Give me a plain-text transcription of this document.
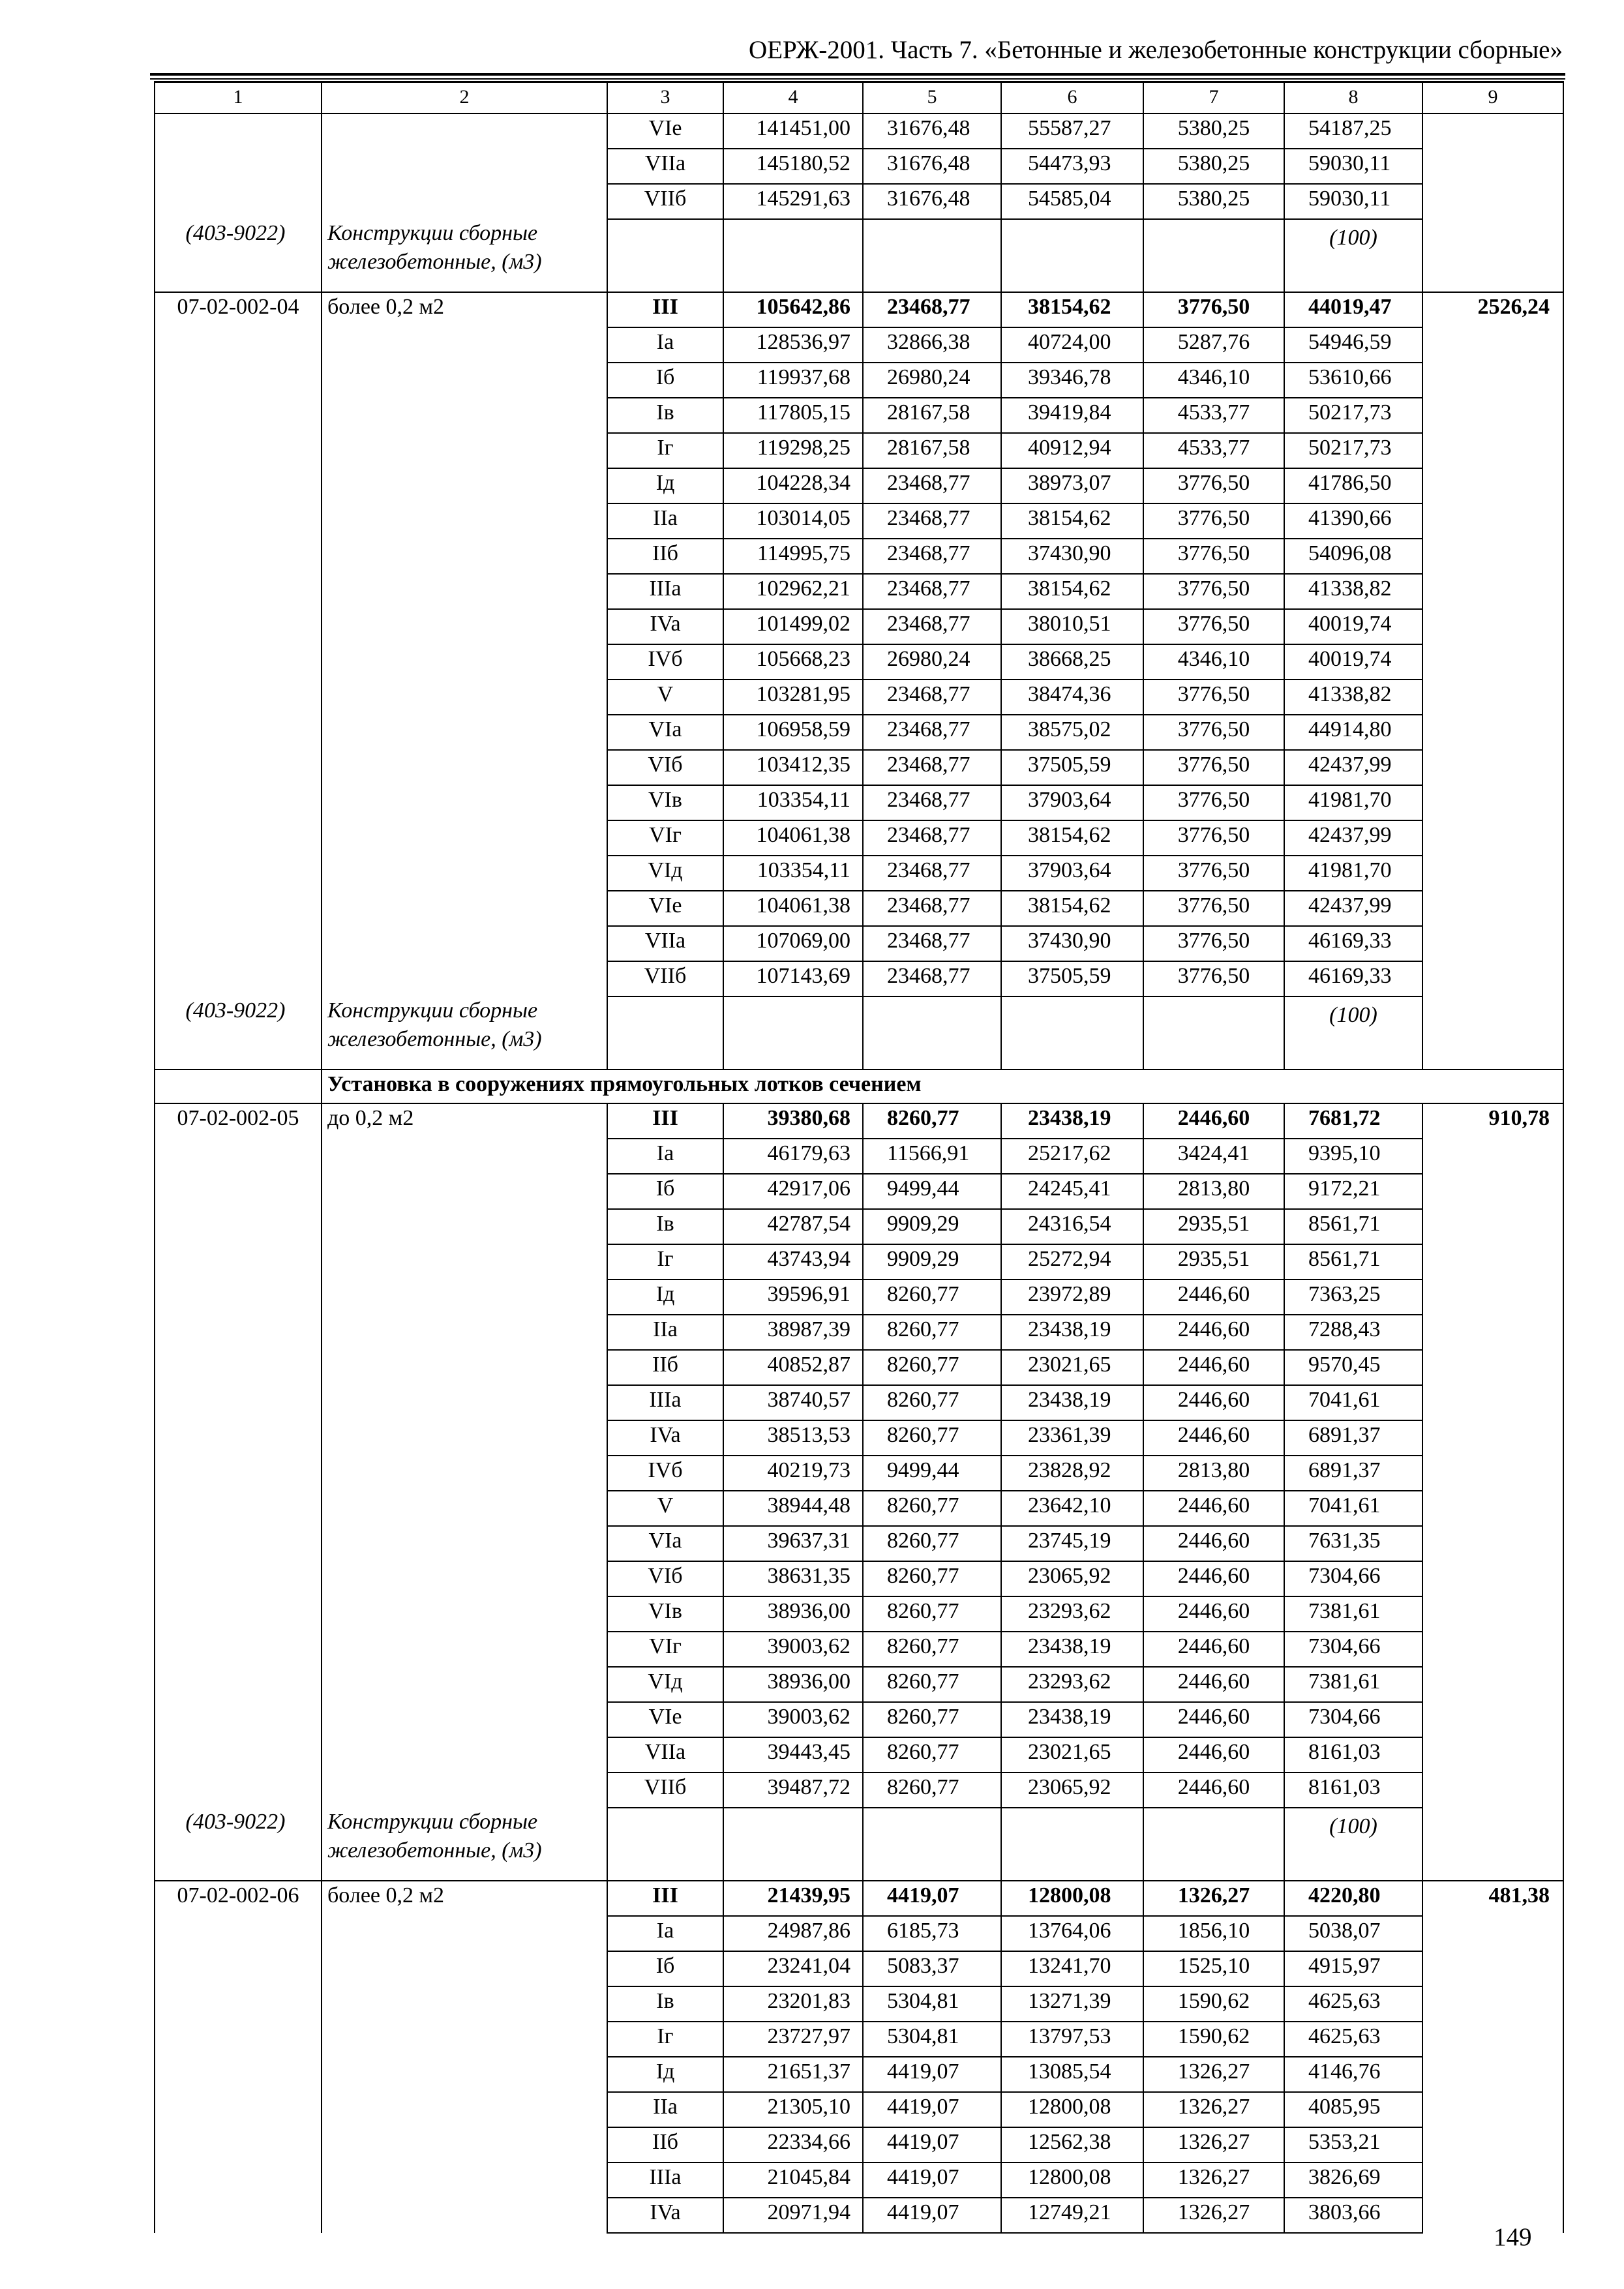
ОЕРЖ-2001. Часть 7. «Бетонные и железобетонные конструкции сборные»
1	2	3	4	5	6	7	8	9
		VIe	141451,00	31676,48	55587,27	5380,25	54187,25	
		VIIa	145180,52	31676,48	54473,93	5380,25	59030,11	
		VIIб	145291,63	31676,48	54585,04	5380,25	59030,11	
(403-9022)	Конструкции сборные железобетонные, (м3)						(100)	

07-02-002-04	более 0,2 м2	III	105642,86	23468,77	38154,62	3776,50	44019,47	2526,24
		Ia	128536,97	32866,38	40724,00	5287,76	54946,59	
		Iб	119937,68	26980,24	39346,78	4346,10	53610,66	
		Iв	117805,15	28167,58	39419,84	4533,77	50217,73	
		Iг	119298,25	28167,58	40912,94	4533,77	50217,73	
		Iд	104228,34	23468,77	38973,07	3776,50	41786,50	
		IIa	103014,05	23468,77	38154,62	3776,50	41390,66	
		IIб	114995,75	23468,77	37430,90	3776,50	54096,08	
		IIIa	102962,21	23468,77	38154,62	3776,50	41338,82	
		IVa	101499,02	23468,77	38010,51	3776,50	40019,74	
		IVб	105668,23	26980,24	38668,25	4346,10	40019,74	
		V	103281,95	23468,77	38474,36	3776,50	41338,82	
		VIa	106958,59	23468,77	38575,02	3776,50	44914,80	
		VIб	103412,35	23468,77	37505,59	3776,50	42437,99	
		VIв	103354,11	23468,77	37903,64	3776,50	41981,70	
		VIг	104061,38	23468,77	38154,62	3776,50	42437,99	
		VIд	103354,11	23468,77	37903,64	3776,50	41981,70	
		VIe	104061,38	23468,77	38154,62	3776,50	42437,99	
		VIIa	107069,00	23468,77	37430,90	3776,50	46169,33	
		VIIб	107143,69	23468,77	37505,59	3776,50	46169,33	
(403-9022)	Конструкции сборные железобетонные, (м3)						(100)	

	Установка в сооружениях прямоугольных лотков сечением							
07-02-002-05	до 0,2 м2	III	39380,68	8260,77	23438,19	2446,60	7681,72	910,78
		Ia	46179,63	11566,91	25217,62	3424,41	9395,10	
		Iб	42917,06	9499,44	24245,41	2813,80	9172,21	
		Iв	42787,54	9909,29	24316,54	2935,51	8561,71	
		Iг	43743,94	9909,29	25272,94	2935,51	8561,71	
		Iд	39596,91	8260,77	23972,89	2446,60	7363,25	
		IIa	38987,39	8260,77	23438,19	2446,60	7288,43	
		IIб	40852,87	8260,77	23021,65	2446,60	9570,45	
		IIIa	38740,57	8260,77	23438,19	2446,60	7041,61	
		IVa	38513,53	8260,77	23361,39	2446,60	6891,37	
		IVб	40219,73	9499,44	23828,92	2813,80	6891,37	
		V	38944,48	8260,77	23642,10	2446,60	7041,61	
		VIa	39637,31	8260,77	23745,19	2446,60	7631,35	
		VIб	38631,35	8260,77	23065,92	2446,60	7304,66	
		VIв	38936,00	8260,77	23293,62	2446,60	7381,61	
		VIг	39003,62	8260,77	23438,19	2446,60	7304,66	
		VIд	38936,00	8260,77	23293,62	2446,60	7381,61	
		VIe	39003,62	8260,77	23438,19	2446,60	7304,66	
		VIIa	39443,45	8260,77	23021,65	2446,60	8161,03	
		VIIб	39487,72	8260,77	23065,92	2446,60	8161,03	
(403-9022)	Конструкции сборные железобетонные, (м3)						(100)	

07-02-002-06	более 0,2 м2	III	21439,95	4419,07	12800,08	1326,27	4220,80	481,38
		Ia	24987,86	6185,73	13764,06	1856,10	5038,07	
		Iб	23241,04	5083,37	13241,70	1525,10	4915,97	
		Iв	23201,83	5304,81	13271,39	1590,62	4625,63	
		Iг	23727,97	5304,81	13797,53	1590,62	4625,63	
		Iд	21651,37	4419,07	13085,54	1326,27	4146,76	
		IIa	21305,10	4419,07	12800,08	1326,27	4085,95	
		IIб	22334,66	4419,07	12562,38	1326,27	5353,21	
		IIIa	21045,84	4419,07	12800,08	1326,27	3826,69	
		IVa	20971,94	4419,07	12749,21	1326,27	3803,66	
149
